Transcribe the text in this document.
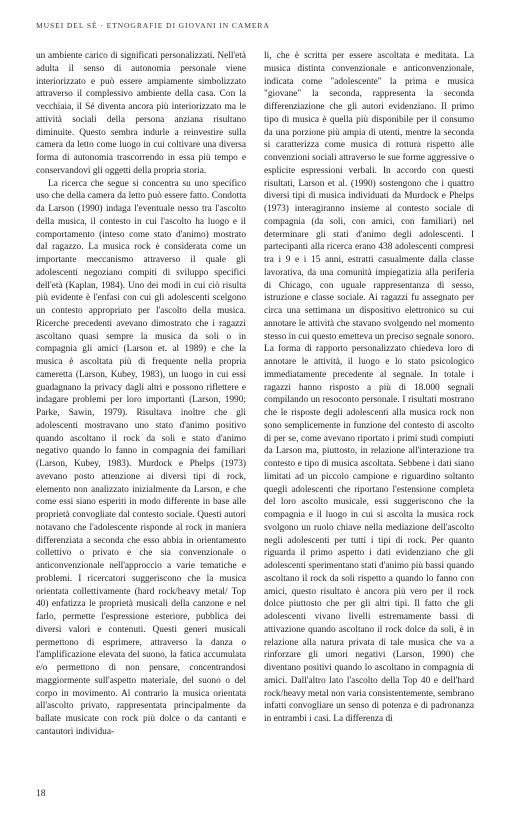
MUSEI DEL SÉ · ETNOGRAFIE DI GIOVANI IN CAMERA

un ambiente carico di significati personalizzati. Nell'età adulta il senso di autonomia personale viene interiorizzato e può essere ampiamente simbolizzato attraverso il complessivo ambiente della casa. Con la vecchiaia, il Sé diventa ancora più interiorizzato ma le attività sociali della persona anziana risultano diminuite. Questo sembra indurle a reinvestire sulla camera da letto come luogo in cui coltivare una diversa forma di autonomia trascorrendo in essa più tempo e conservandovi gli oggetti della propria storia.

La ricerca che segue si concentra su uno specifico uso che della camera da letto può essere fatto. Condotta da Larson (1990) indaga l'eventuale nesso tra l'ascolto della musica, il contesto in cui l'ascolto ha luogo e il comportamento (inteso come stato d'animo) mostrato dal ragazzo. La musica rock è considerata come un importante meccanismo attraverso il quale gli adolescenti negoziano compiti di sviluppo specifici dell'età (Kaplan, 1984). Uno dei modi in cui ciò risulta più evidente è l'enfasi con cui gli adolescenti scelgono un contesto appropriato per l'ascolto della musica. Ricerche precedenti avevano dimostrato che i ragazzi ascoltano quasi sempre la musica da soli o in compagnia gli amici (Larson et. al 1989) e che la musica è ascoltata più di frequente nella propria cameretta (Larson, Kubey, 1983), un luogo in cui essi guadagnano la privacy dagli altri e possono riflettere e indagare problemi per loro importanti (Larson, 1990; Parke, Sawin, 1979). Risultava inoltre che gli adolescenti mostravano uno stato d'animo positivo quando ascoltano il rock da soli e stato d'animo negativo quando lo fanno in compagnia dei familiari (Larson, Kubey, 1983). Murdock e Phelps (1973) avevano posto attenzione ai diversi tipi di rock, elemento non analizzato inizialmente da Larson, e che come essi siano esperiti in modo differente in base alle proprietà convogliate dal contesto sociale. Questi autori notavano che l'adolescente risponde al rock in maniera differenziata a seconda che esso abbia in orientamento collettivo o privato e che sia convenzionale o anticonvenzionale nell'approccio a varie tematiche e problemi. I ricercatori suggeriscono che la musica orientata collettivamente (hard rock/heavy metal/ Top 40) enfatizza le proprietà musicali della canzone e nel farlo, permette l'espressione esteriore, pubblica dei diversi valori e contenuti. Questi generi musicali permettono di esprimere, attraverso la danza o l'amplificazione elevata del suono, la fatica accumulata e/o permettono di non pensare, concentrandosi maggiormente sull'aspetto materiale, del suono o del corpo in movimento. Al contrario la musica orientata all'ascolto privato, rappresentata principalmente da ballate musicate con rock più dolce o da cantanti e cantautori individua-

li, che è scritta per essere ascoltata e meditata. La musica distinta convenzionale e anticonvenzionale, indicata come "adolescente" la prima e musica "giovane" la seconda, rappresenta la seconda differenziazione che gli autori evidenziano. Il primo tipo di musica è quella più disponibile per il consumo da una porzione più ampia di utenti, mentre la seconda si caratterizza come musica di rottura rispetto alle convenzioni sociali attraverso le sue forme aggressive o esplicite espressioni verbali. In accordo con questi risultati, Larson et al. (1990) sostengono che i quattro diversi tipi di musica individuati da Murdock e Phelps (1973) interagiranno insieme al contesto sociale di compagnia (da soli, con amici, con familiari) nel determinare gli stati d'animo degli adolescenti. I partecipanti alla ricerca erano 438 adolescenti compresi tra i 9 e i 15 anni, estratti casualmente dalla classe lavorativa, da una comunità impiegatizia alla periferia di Chicago, con uguale rappresentanza di sesso, istruzione e classe sociale. Ai ragazzi fu assegnato per circa una settimana un dispositivo elettronico su cui annotare le attività che stavano svolgendo nel momento stesso in cui questo emetteva un preciso segnale sonoro. La forma di rapporto personalizzato chiedeva loro di annotare le attività, il luogo e lo stato psicologico immediatamente precedente al segnale. In totale i ragazzi hanno risposto a più di 18.000 segnali compilando un resoconto personale. I risultati mostrano che le risposte degli adolescenti alla musica rock non sono semplicemente in funzione del contesto di ascolto di per se, come avevano riportato i primi studi compiuti da Larson ma, piuttosto, in relazione all'interazione tra contesto e tipo di musica ascoltata. Sebbene i dati siano limitati ad un piccolo campione e riguardino soltanto quegli adolescenti che riportano l'estensione completa del loro ascolto musicale, essi suggeriscono che la compagnia e il luogo in cui si ascolta la musica rock svolgono un ruolo chiave nella mediazione dell'ascolto negli adolescenti per tutti i tipi di rock. Per quanto riguarda il primo aspetto i dati evidenziano che gli adolescenti sperimentano stati d'animo più bassi quando ascoltano il rock da soli rispetto a quando lo fanno con amici, questo risultato è ancora più vero per il rock dolce piuttosto che per gli altri tipi. Il fatto che gli adolescenti vivano livelli estremamente bassi di attivazione quando ascoltano il rock dolce da soli, è in relazione alla natura privata di tale musica che va a rinforzare gli umori negativi (Larson, 1990) che diventano positivi quando lo ascoltano in compagnia di amici. Dall'altro lato l'ascolto della Top 40 e dell'hard rock/heavy metal non varia consistentemente, sembrano infatti convogliare un senso di potenza e di padronanza in entrambi i casi. La differenza di

18
